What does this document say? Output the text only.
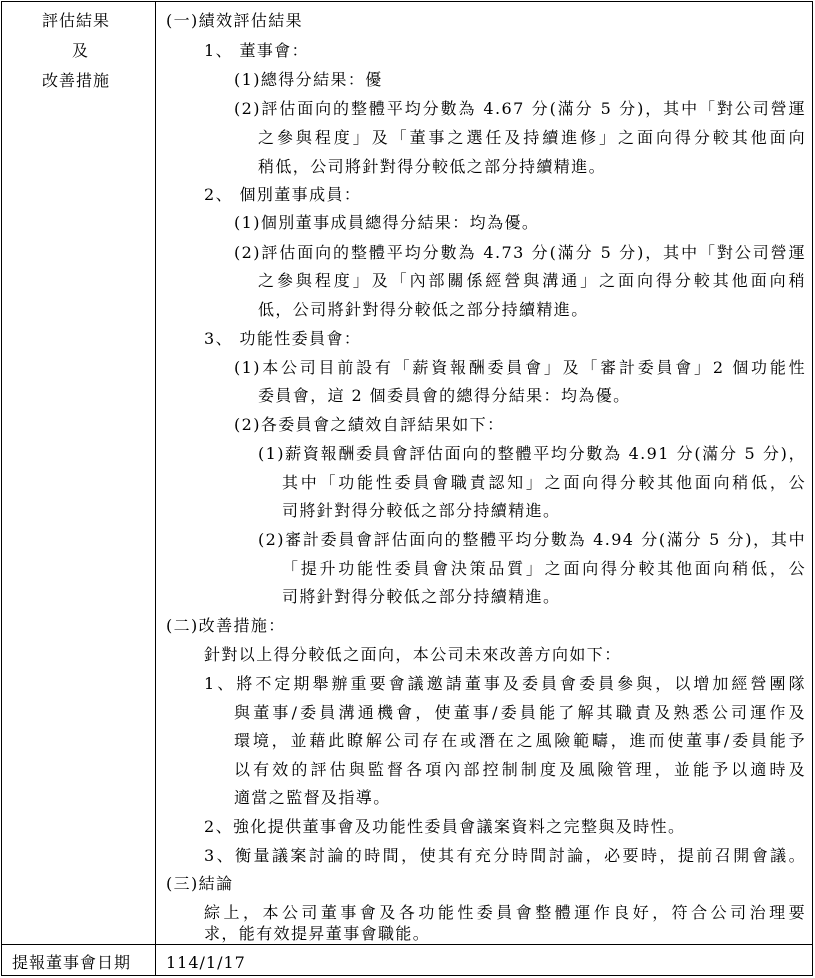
評估結果
及
改善措施
提報董事會日期 114/1/17
(一)績效評估結果
1、 董事會：
(1)總得分結果：優
(2)評估面向的整體平均分數為 4.67 分(滿分 5 分)，其中「對公司營運
之參與程度」及「董事之選任及持續進修」之面向得分較其他面向
稍低，公司將針對得分較低之部分持續精進。
2、 個別董事成員：
(1)個別董事成員總得分結果：均為優。
(2)評估面向的整體平均分數為 4.73 分(滿分 5 分)，其中「對公司營運
之參與程度」及「內部關係經營與溝通」之面向得分較其他面向稍
低，公司將針對得分較低之部分持續精進。
3、 功能性委員會：
(1)本公司目前設有「薪資報酬委員會」及「審計委員會」2 個功能性
委員會，這 2 個委員會的總得分結果：均為優。
(2)各委員會之績效自評結果如下：
(1)薪資報酬委員會評估面向的整體平均分數為 4.91 分(滿分 5 分)，
其中「功能性委員會職責認知」之面向得分較其他面向稍低，公
司將針對得分較低之部分持續精進。
(2)審計委員會評估面向的整體平均分數為 4.94 分(滿分 5 分)，其中
「提升功能性委員會決策品質」之面向得分較其他面向稍低，公
司將針對得分較低之部分持續精進。
(二)改善措施：
針對以上得分較低之面向，本公司未來改善方向如下：
1、將不定期舉辦重要會議邀請董事及委員會委員參與，以增加經營團隊
與董事/委員溝通機會，使董事/委員能了解其職責及熟悉公司運作及
環境，並藉此瞭解公司存在或潛在之風險範疇，進而使董事/委員能予
以有效的評估與監督各項內部控制制度及風險管理，並能予以適時及
適當之監督及指導。
2、強化提供董事會及功能性委員會議案資料之完整與及時性。
3、衡量議案討論的時間，使其有充分時間討論，必要時，提前召開會議。
(三)結論
綜上，本公司董事會及各功能性委員會整體運作良好，符合公司治理要
求，能有效提昇董事會職能。
